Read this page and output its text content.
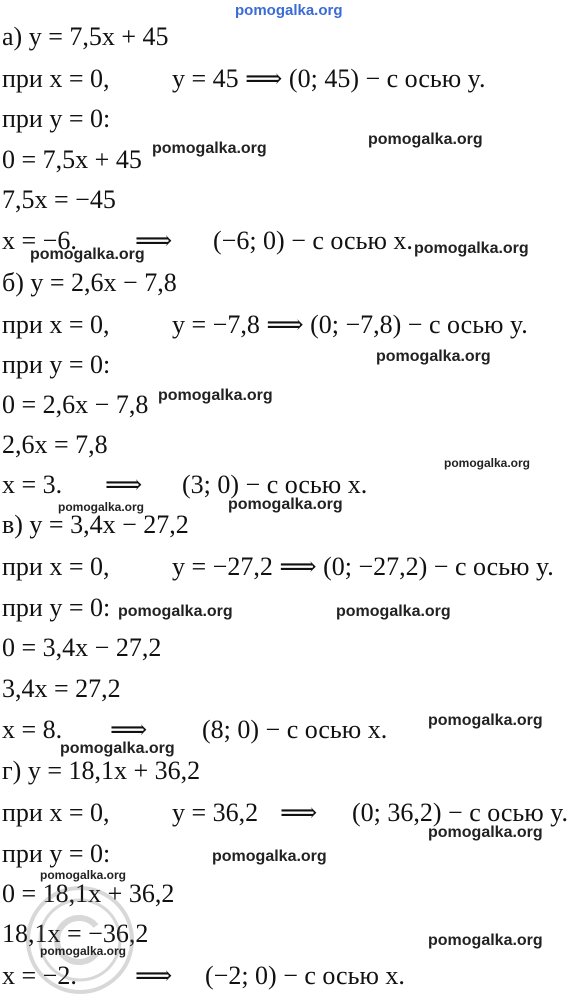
pomogalka.org
а) y = 7,5x + 45
при x = 0, y = 45 ⟹ (0; 45) − с осью y.
при y = 0:
0 = 7,5x + 45
7,5x = −45
x = −6. ⟹ (−6; 0) − с осью x.
б) y = 2,6x − 7,8
при x = 0, y = −7,8 ⟹ (0; −7,8) − с осью y.
при y = 0:
0 = 2,6x − 7,8
2,6x = 7,8
x = 3. ⟹ (3; 0) − с осью x.
в) y = 3,4x − 27,2
при x = 0, y = −27,2 ⟹ (0; −27,2) − с осью y.
при y = 0:
0 = 3,4x − 27,2
3,4x = 27,2
x = 8. ⟹ (8; 0) − с осью x.
г) y = 18,1x + 36,2
при x = 0, y = 36,2 ⟹ (0; 36,2) − с осью y.
при y = 0:
0 = 18,1x + 36,2
18,1x = −36,2
x = −2. ⟹ (−2; 0) − с осью x.
pomogalka.org
pomogalka.org
pomogalka.org
pomogalka.org
pomogalka.org
pomogalka.org
pomogalka.org
pomogalka.org	pomogalka.org
pomogalka.org	pomogalka.org
pomogalka.org
pomogalka.org
pomogalka.org
pomogalka.org
pomogalka.org
pomogalka.org
pomogalka.org
